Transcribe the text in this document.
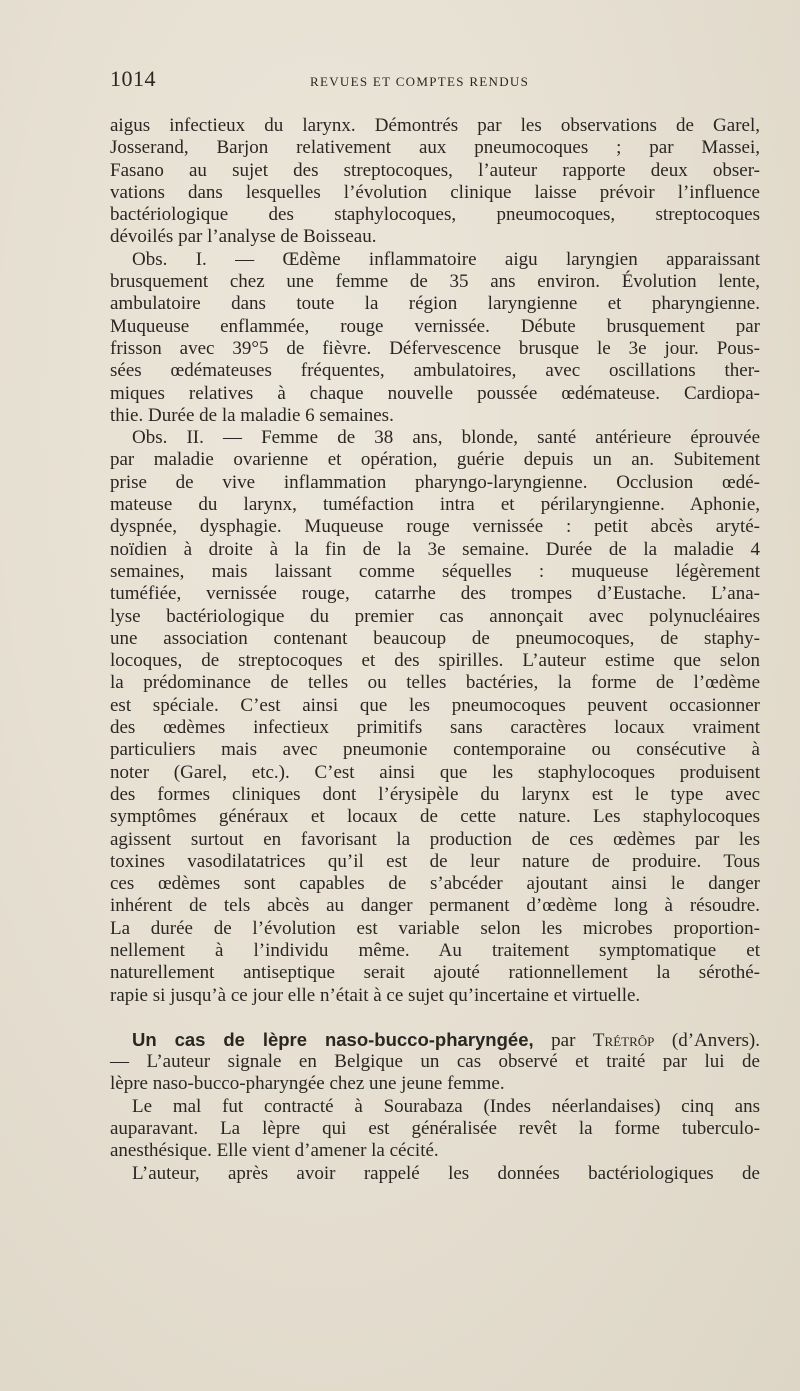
1014	REVUES ET COMPTES RENDUS
aigus infectieux du larynx. Démontrés par les observations de Garel,
Josserand, Barjon relativement aux pneumocoques ; par Massei,
Fasano au sujet des streptocoques, l’auteur rapporte deux obser-
vations dans lesquelles l’évolution clinique laisse prévoir l’influence
bactériologique des staphylocoques, pneumocoques, streptocoques
dévoilés par l’analyse de Boisseau.
Obs. I. — Œdème inflammatoire aigu laryngien apparaissant
brusquement chez une femme de 35 ans environ. Évolution lente,
ambulatoire dans toute la région laryngienne et pharyngienne.
Muqueuse enflammée, rouge vernissée. Débute brusquement par
frisson avec 39°5 de fièvre. Défervescence brusque le 3e jour. Pous-
sées œdémateuses fréquentes, ambulatoires, avec oscillations ther-
miques relatives à chaque nouvelle poussée œdémateuse. Cardiopa-
thie. Durée de la maladie 6 semaines.
Obs. II. — Femme de 38 ans, blonde, santé antérieure éprouvée
par maladie ovarienne et opération, guérie depuis un an. Subitement
prise de vive inflammation pharyngo-laryngienne. Occlusion œdé-
mateuse du larynx, tuméfaction intra et périlaryngienne. Aphonie,
dyspnée, dysphagie. Muqueuse rouge vernissée : petit abcès aryté-
noïdien à droite à la fin de la 3e semaine. Durée de la maladie 4
semaines, mais laissant comme séquelles : muqueuse légèrement
tuméfiée, vernissée rouge, catarrhe des trompes d’Eustache. L’ana-
lyse bactériologique du premier cas annonçait avec polynucléaires
une association contenant beaucoup de pneumocoques, de staphy-
locoques, de streptocoques et des spirilles. L’auteur estime que selon
la prédominance de telles ou telles bactéries, la forme de l’œdème
est spéciale. C’est ainsi que les pneumocoques peuvent occasionner
des œdèmes infectieux primitifs sans caractères locaux vraiment
particuliers mais avec pneumonie contemporaine ou consécutive à
noter (Garel, etc.). C’est ainsi que les staphylocoques produisent
des formes cliniques dont l’érysipèle du larynx est le type avec
symptômes généraux et locaux de cette nature. Les staphylocoques
agissent surtout en favorisant la production de ces œdèmes par les
toxines vasodilatatrices qu’il est de leur nature de produire. Tous
ces œdèmes sont capables de s’abcéder ajoutant ainsi le danger
inhérent de tels abcès au danger permanent d’œdème long à résoudre.
La durée de l’évolution est variable selon les microbes proportion-
nellement à l’individu même. Au traitement symptomatique et
naturellement antiseptique serait ajouté rationnellement la sérothé-
rapie si jusqu’à ce jour elle n’était à ce sujet qu’incertaine et virtuelle.
Un cas de lèpre naso-bucco-pharyngée, par Trétrôp (d’Anvers).
— L’auteur signale en Belgique un cas observé et traité par lui de
lèpre naso-bucco-pharyngée chez une jeune femme.
Le mal fut contracté à Sourabaza (Indes néerlandaises) cinq ans
auparavant. La lèpre qui est généralisée revêt la forme tuberculo-
anesthésique. Elle vient d’amener la cécité.
L’auteur, après avoir rappelé les données bactériologiques de
